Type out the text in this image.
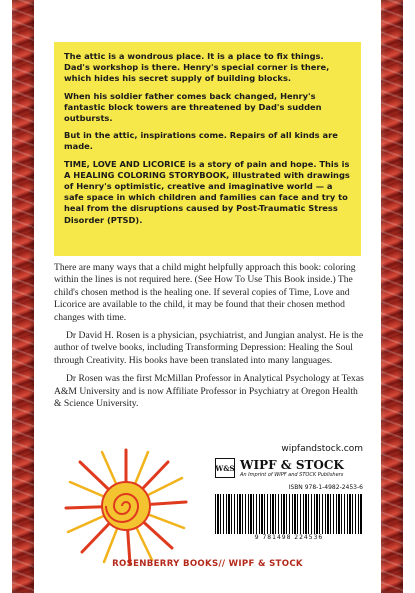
The attic is a wondrous place. It is a place to fix things. Dad's workshop is there. Henry's special corner is there, which hides his secret supply of building blocks.

When his soldier father comes back changed, Henry's fantastic block towers are threatened by Dad's sudden outbursts.

But in the attic, inspirations come. Repairs of all kinds are made.

TIME, LOVE AND LICORICE is a story of pain and hope. This is A HEALING COLORING STORYBOOK, illustrated with drawings of Henry's optimistic, creative and imaginative world — a safe space in which children and families can face and try to heal from the disruptions caused by Post-Traumatic Stress Disorder (PTSD).

There are many ways that a child might helpfully approach this book: coloring within the lines is not required here. (See How To Use This Book inside.) The child's chosen method is the healing one. If several copies of Time, Love and Licorice are available to the child, it may be found that their chosen method changes with time.

Dr David H. Rosen is a physician, psychiatrist, and Jungian analyst. He is the author of twelve books, including Transforming Depression: Healing the Soul through Creativity. His books have been translated into many languages.

Dr Rosen was the first McMillan Professor in Analytical Psychology at Texas A&M University and is now Affiliate Professor in Psychiatry at Oregon Health & Science University.

wipfandstock.com
W&S WIPF & STOCK
An Imprint of WIPF and STOCK Publishers
ISBN 978-1-4982-2453-6
9 781498 224536
ROSENBERRY BOOKS// WIPF & STOCK
